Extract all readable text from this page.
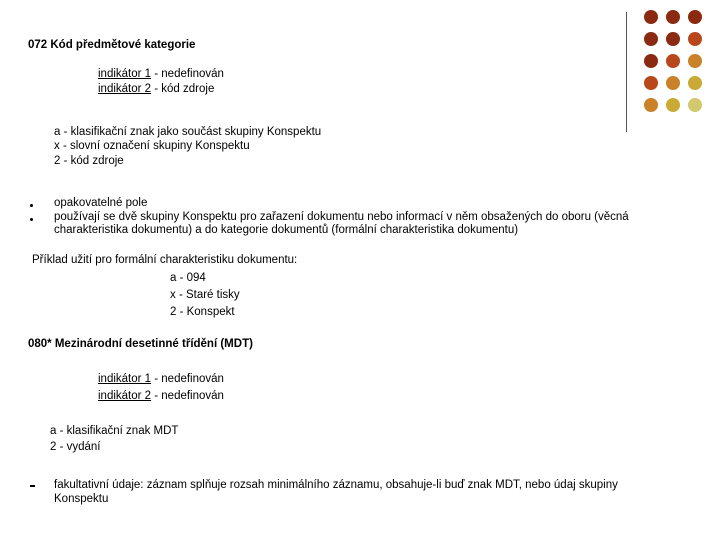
072 Kód předmětové kategorie
indikátor 1 - nedefinován
indikátor 2 - kód zdroje
a - klasifikační znak jako součást skupiny Konspektu
x - slovní označení skupiny Konspektu
2 - kód zdroje
opakovatelné pole
používají se dvě skupiny Konspektu pro zařazení dokumentu nebo informací v něm obsažených do oboru (věcná charakteristika dokumentu) a do kategorie dokumentů (formální charakteristika dokumentu)
Příklad užití pro formální charakteristiku dokumentu:
a - 094
x - Staré tisky
2 - Konspekt
080* Mezinárodní desetinné třídění (MDT)
indikátor 1 - nedefinován
indikátor 2 - nedefinován
a - klasifikační znak MDT
2 - vydání
fakultativní údaje: záznam splňuje rozsah minimálního záznamu, obsahuje-li buď znak MDT, nebo údaj skupiny Konspektu
